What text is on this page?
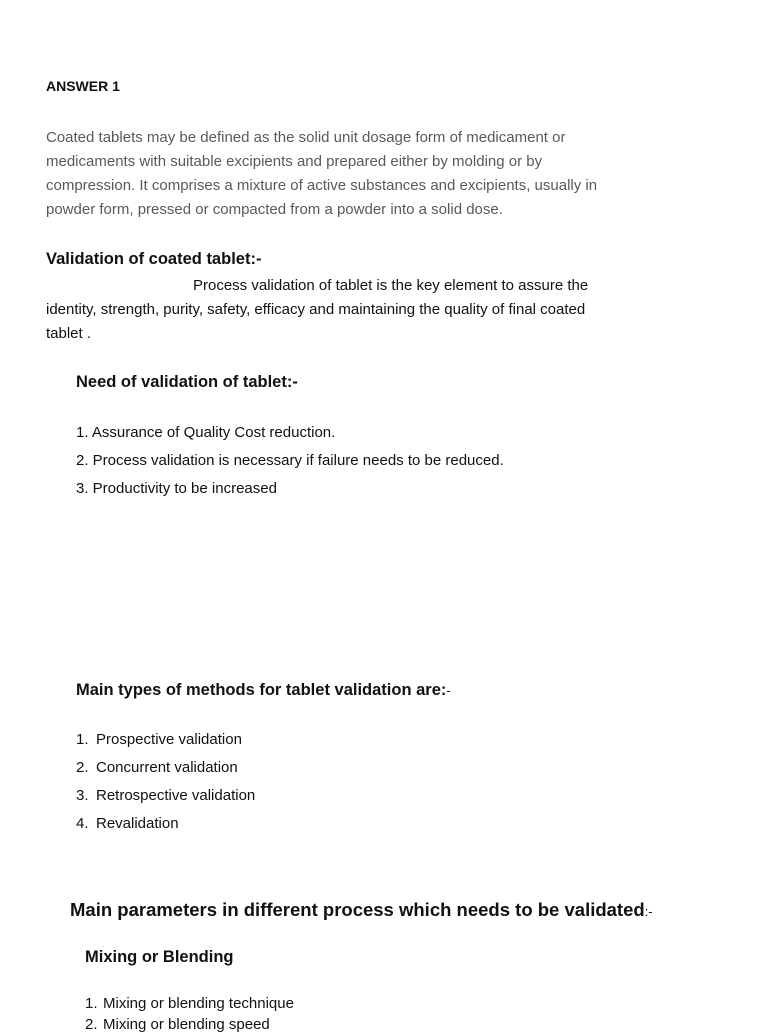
ANSWER 1
Coated tablets may be defined as the solid unit dosage form of medicament or
medicaments with suitable excipients and prepared either by molding or by
compression. It comprises a mixture of active substances and excipients, usually in
powder form, pressed or compacted from a powder into a solid dose.
Validation of coated tablet:-
Process validation of tablet is the key element to assure the
identity, strength, purity, safety, efficacy and maintaining the quality of final coated
tablet .
Need of validation of tablet:-
1. Assurance of Quality Cost reduction.
2. Process validation is necessary if failure needs to be reduced.
3. Productivity to be increased
Main types of methods for tablet validation are:-
1. Prospective validation
2. Concurrent validation
3. Retrospective validation
4. Revalidation
Main parameters in different process which needs to be validated:-
Mixing or Blending
1. Mixing or blending technique
2. Mixing or blending speed
